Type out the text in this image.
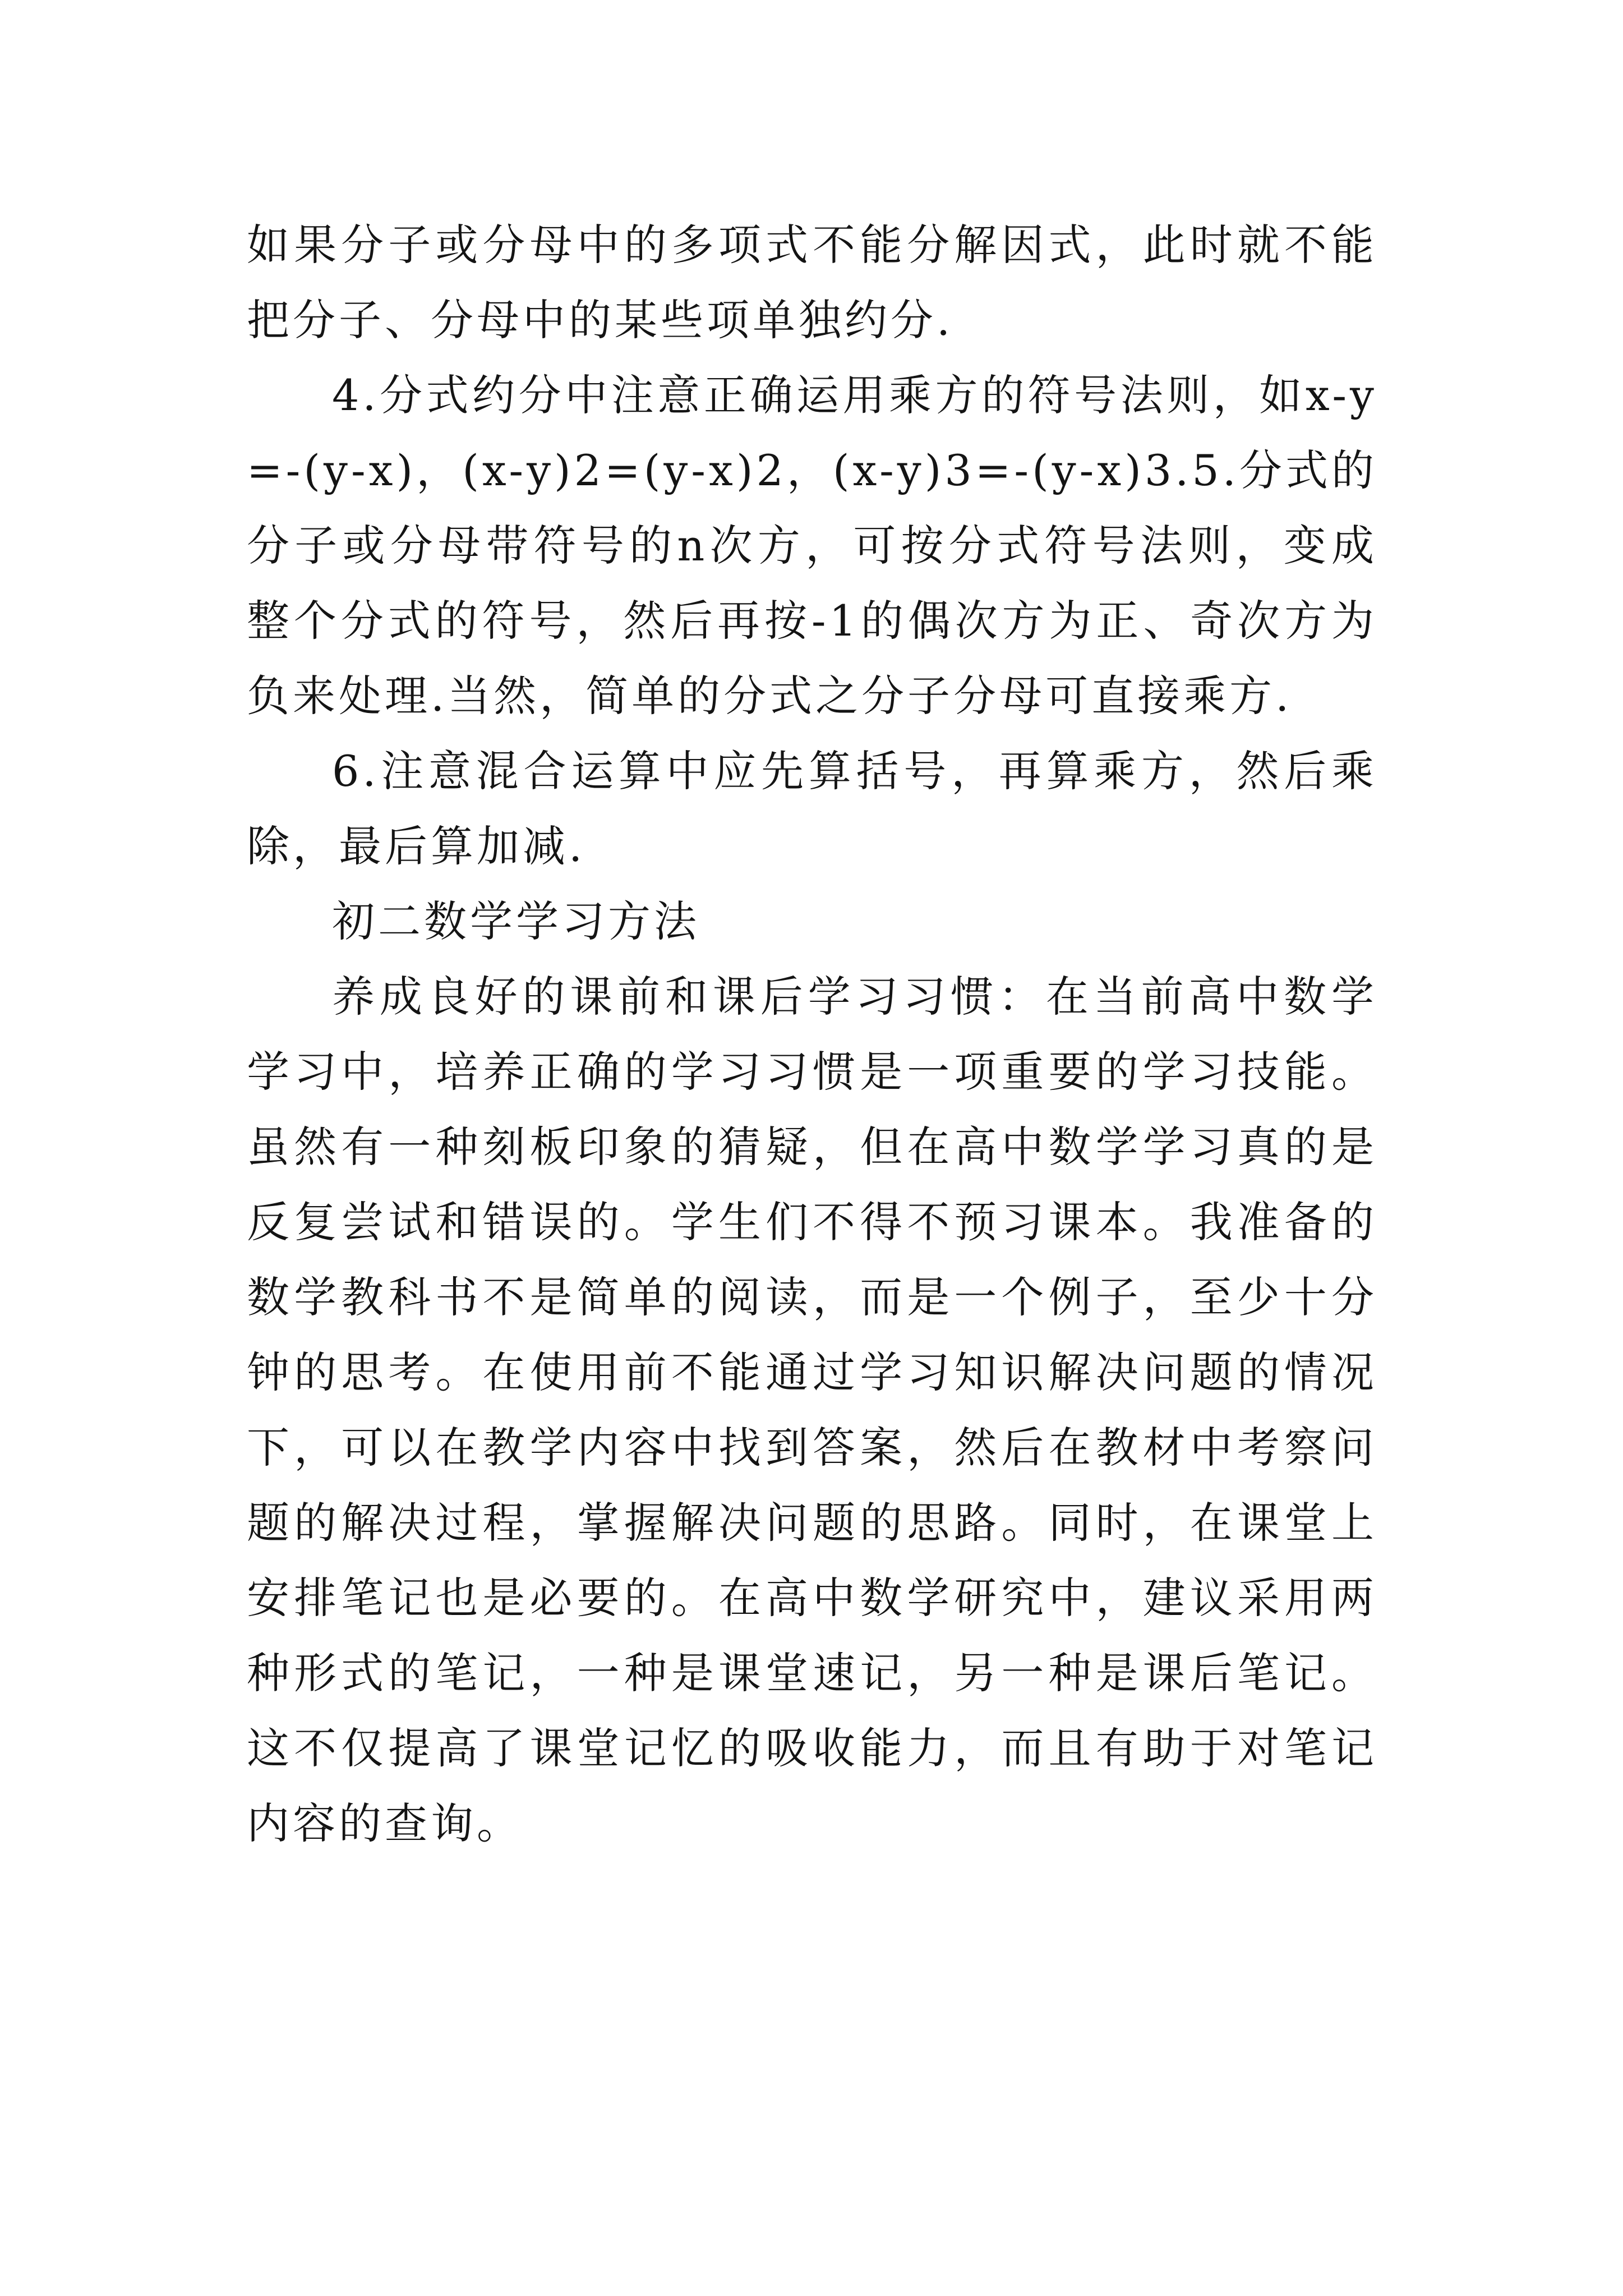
如果分子或分母中的多项式不能分解因式，此时就不能把分子、分母中的某些项单独约分.

4.分式约分中注意正确运用乘方的符号法则，如x-y=-(y-x)，(x-y)2=(y-x)2，(x-y)3=-(y-x)3.5.分式的分子或分母带符号的n次方，可按分式符号法则，变成整个分式的符号，然后再按-1的偶次方为正、奇次方为负来处理.当然，简单的分式之分子分母可直接乘方.

6.注意混合运算中应先算括号，再算乘方，然后乘除，最后算加减.

初二数学学习方法

养成良好的课前和课后学习习惯：在当前高中数学学习中，培养正确的学习习惯是一项重要的学习技能。虽然有一种刻板印象的猜疑，但在高中数学学习真的是反复尝试和错误的。学生们不得不预习课本。我准备的数学教科书不是简单的阅读，而是一个例子，至少十分钟的思考。在使用前不能通过学习知识解决问题的情况下，可以在教学内容中找到答案，然后在教材中考察问题的解决过程，掌握解决问题的思路。同时，在课堂上安排笔记也是必要的。在高中数学研究中，建议采用两种形式的笔记，一种是课堂速记，另一种是课后笔记。这不仅提高了课堂记忆的吸收能力，而且有助于对笔记内容的查询。
